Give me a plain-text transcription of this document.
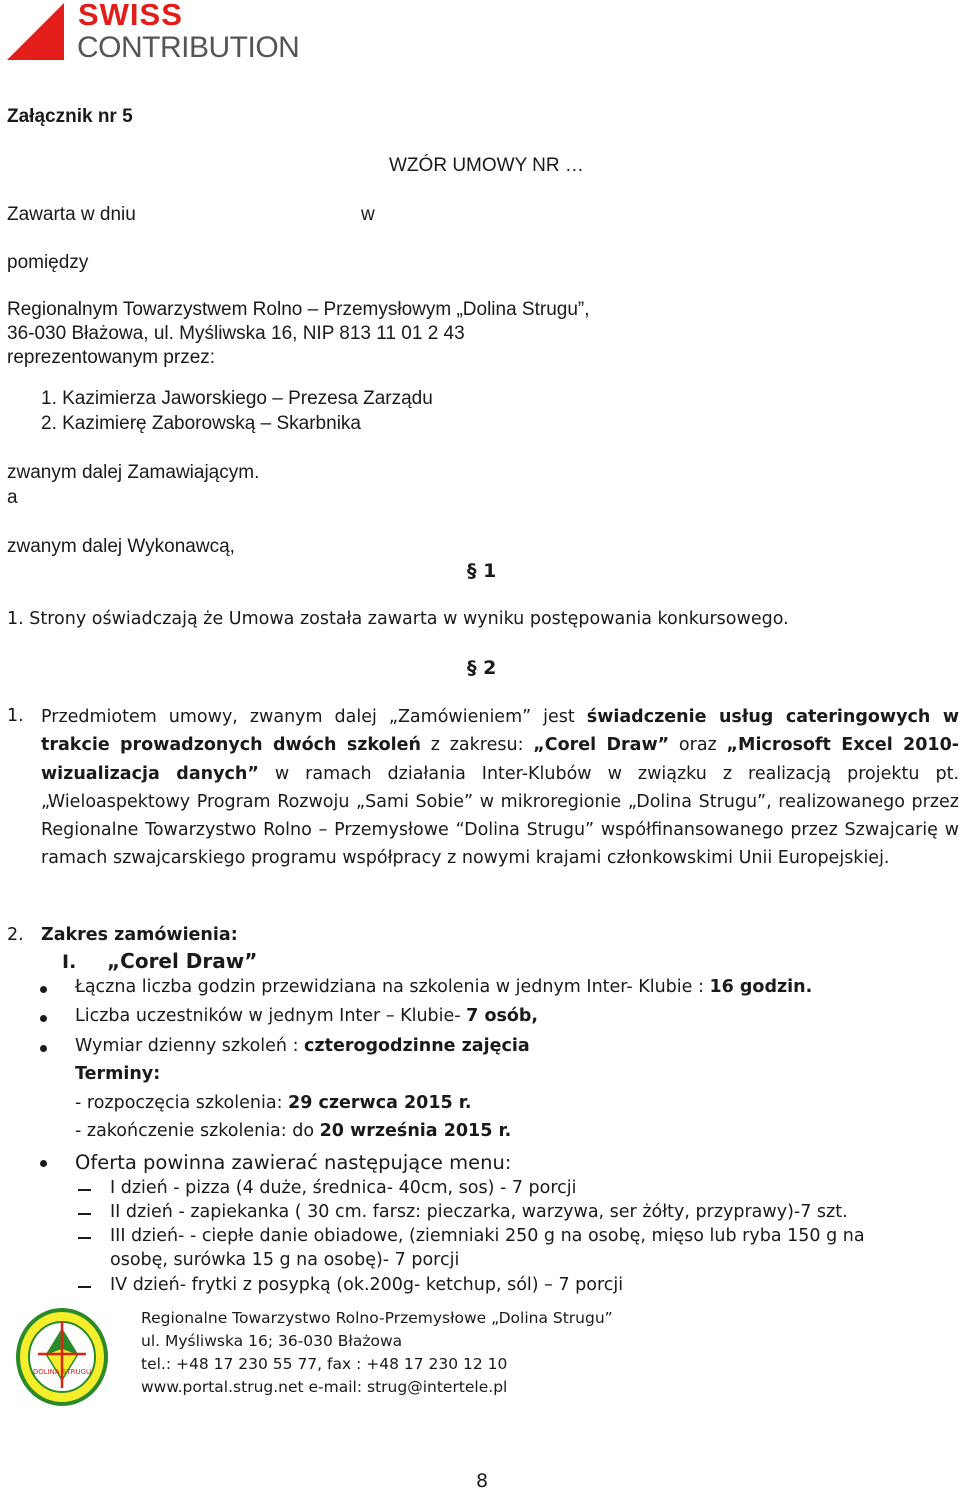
SWISS
CONTRIBUTION
Załącznik nr 5
WZÓR UMOWY NR …
Zawarta w dniu	w
pomiędzy
Regionalnym Towarzystwem Rolno – Przemysłowym „Dolina Strugu”,
36-030 Błażowa, ul. Myśliwska 16, NIP 813 11 01 2 43
reprezentowanym przez:
1. Kazimierza Jaworskiego – Prezesa Zarządu
2. Kazimierę Zaborowską – Skarbnika
zwanym dalej Zamawiającym.
a
zwanym dalej Wykonawcą,
§ 1
1. Strony oświadczają że Umowa została zawarta w wyniku postępowania konkursowego.
§ 2
1. Przedmiotem umowy, zwanym dalej „Zamówieniem” jest świadczenie usług cateringowych w trakcie prowadzonych dwóch szkoleń z zakresu: „Corel Draw” oraz „Microsoft Excel 2010- wizualizacja danych” w ramach działania Inter-Klubów w związku z realizacją projektu pt. „Wieloaspektowy Program Rozwoju „Sami Sobie” w mikroregionie „Dolina Strugu”, realizowanego przez Regionalne Towarzystwo Rolno – Przemysłowe “Dolina Strugu” współfinansowanego przez Szwajcarię w ramach szwajcarskiego programu współpracy z nowymi krajami członkowskimi Unii Europejskiej.
2. Zakres zamówienia:
I. „Corel Draw”
Łączna liczba godzin przewidziana na szkolenia w jednym Inter- Klubie : 16 godzin.
Liczba uczestników w jednym Inter – Klubie- 7 osób,
Wymiar dzienny szkoleń : czterogodzinne zajęcia
Terminy:
- rozpoczęcia szkolenia: 29 czerwca 2015 r.
- zakończenie szkolenia: do 20 września 2015 r.
Oferta powinna zawierać następujące menu:
I dzień - pizza (4 duże, średnica- 40cm, sos) - 7 porcji
II dzień - zapiekanka ( 30 cm. farsz: pieczarka, warzywa, ser żółty, przyprawy)-7 szt.
III dzień- - ciepłe danie obiadowe, (ziemniaki 250 g na osobę, mięso lub ryba 150 g na
osobę, surówka 15 g na osobę)- 7 porcji
IV dzień- frytki z posypką (ok.200g- ketchup, sól) – 7 porcji
DOLINA STRUGU
Regionalne Towarzystwo Rolno-Przemysłowe „Dolina Strugu”
ul. Myśliwska 16; 36-030 Błażowa
tel.: +48 17 230 55 77, fax : +48 17 230 12 10
www.portal.strug.net e-mail: strug@intertele.pl
8
